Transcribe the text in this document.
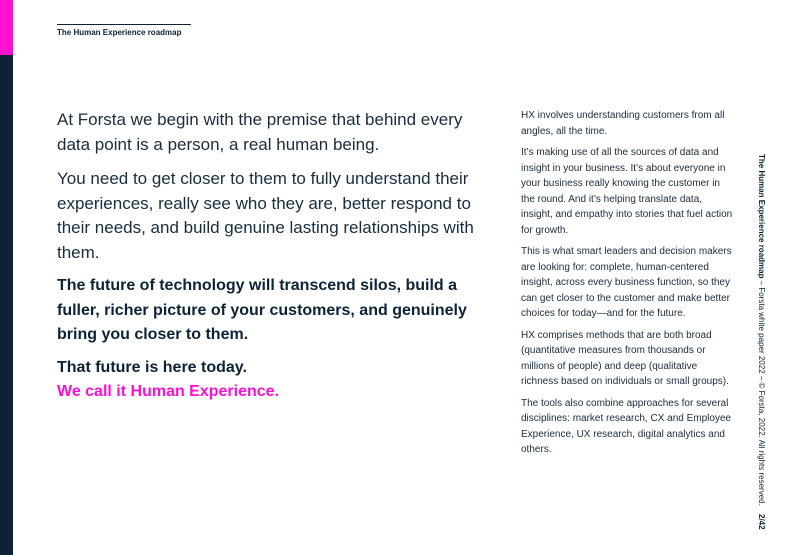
The Human Experience roadmap

At Forsta we begin with the premise that behind every data point is a person, a real human being.

You need to get closer to them to fully understand their experiences, really see who they are, better respond to their needs, and build genuine lasting relationships with them.

The future of technology will transcend silos, build a fuller, richer picture of your customers, and genuinely bring you closer to them.

That future is here today.

We call it Human Experience.

HX involves understanding customers from all angles, all the time.

It’s making use of all the sources of data and insight in your business. It’s about everyone in your business really knowing the customer in the round. And it’s helping translate data, insight, and empathy into stories that fuel action for growth.

This is what smart leaders and decision makers are looking for: complete, human-centered insight, across every business function, so they can get closer to the customer and make better choices for today—and for the future.

HX comprises methods that are both broad (quantitative measures from thousands or millions of people) and deep (qualitative richness based on individuals or small groups).

The tools also combine approaches for several disciplines: market research, CX and Employee Experience, UX research, digital analytics and others.

The Human Experience roadmap – Forsta white paper 2022 – © Forsta, 2022. All rights reserved.
2/42
